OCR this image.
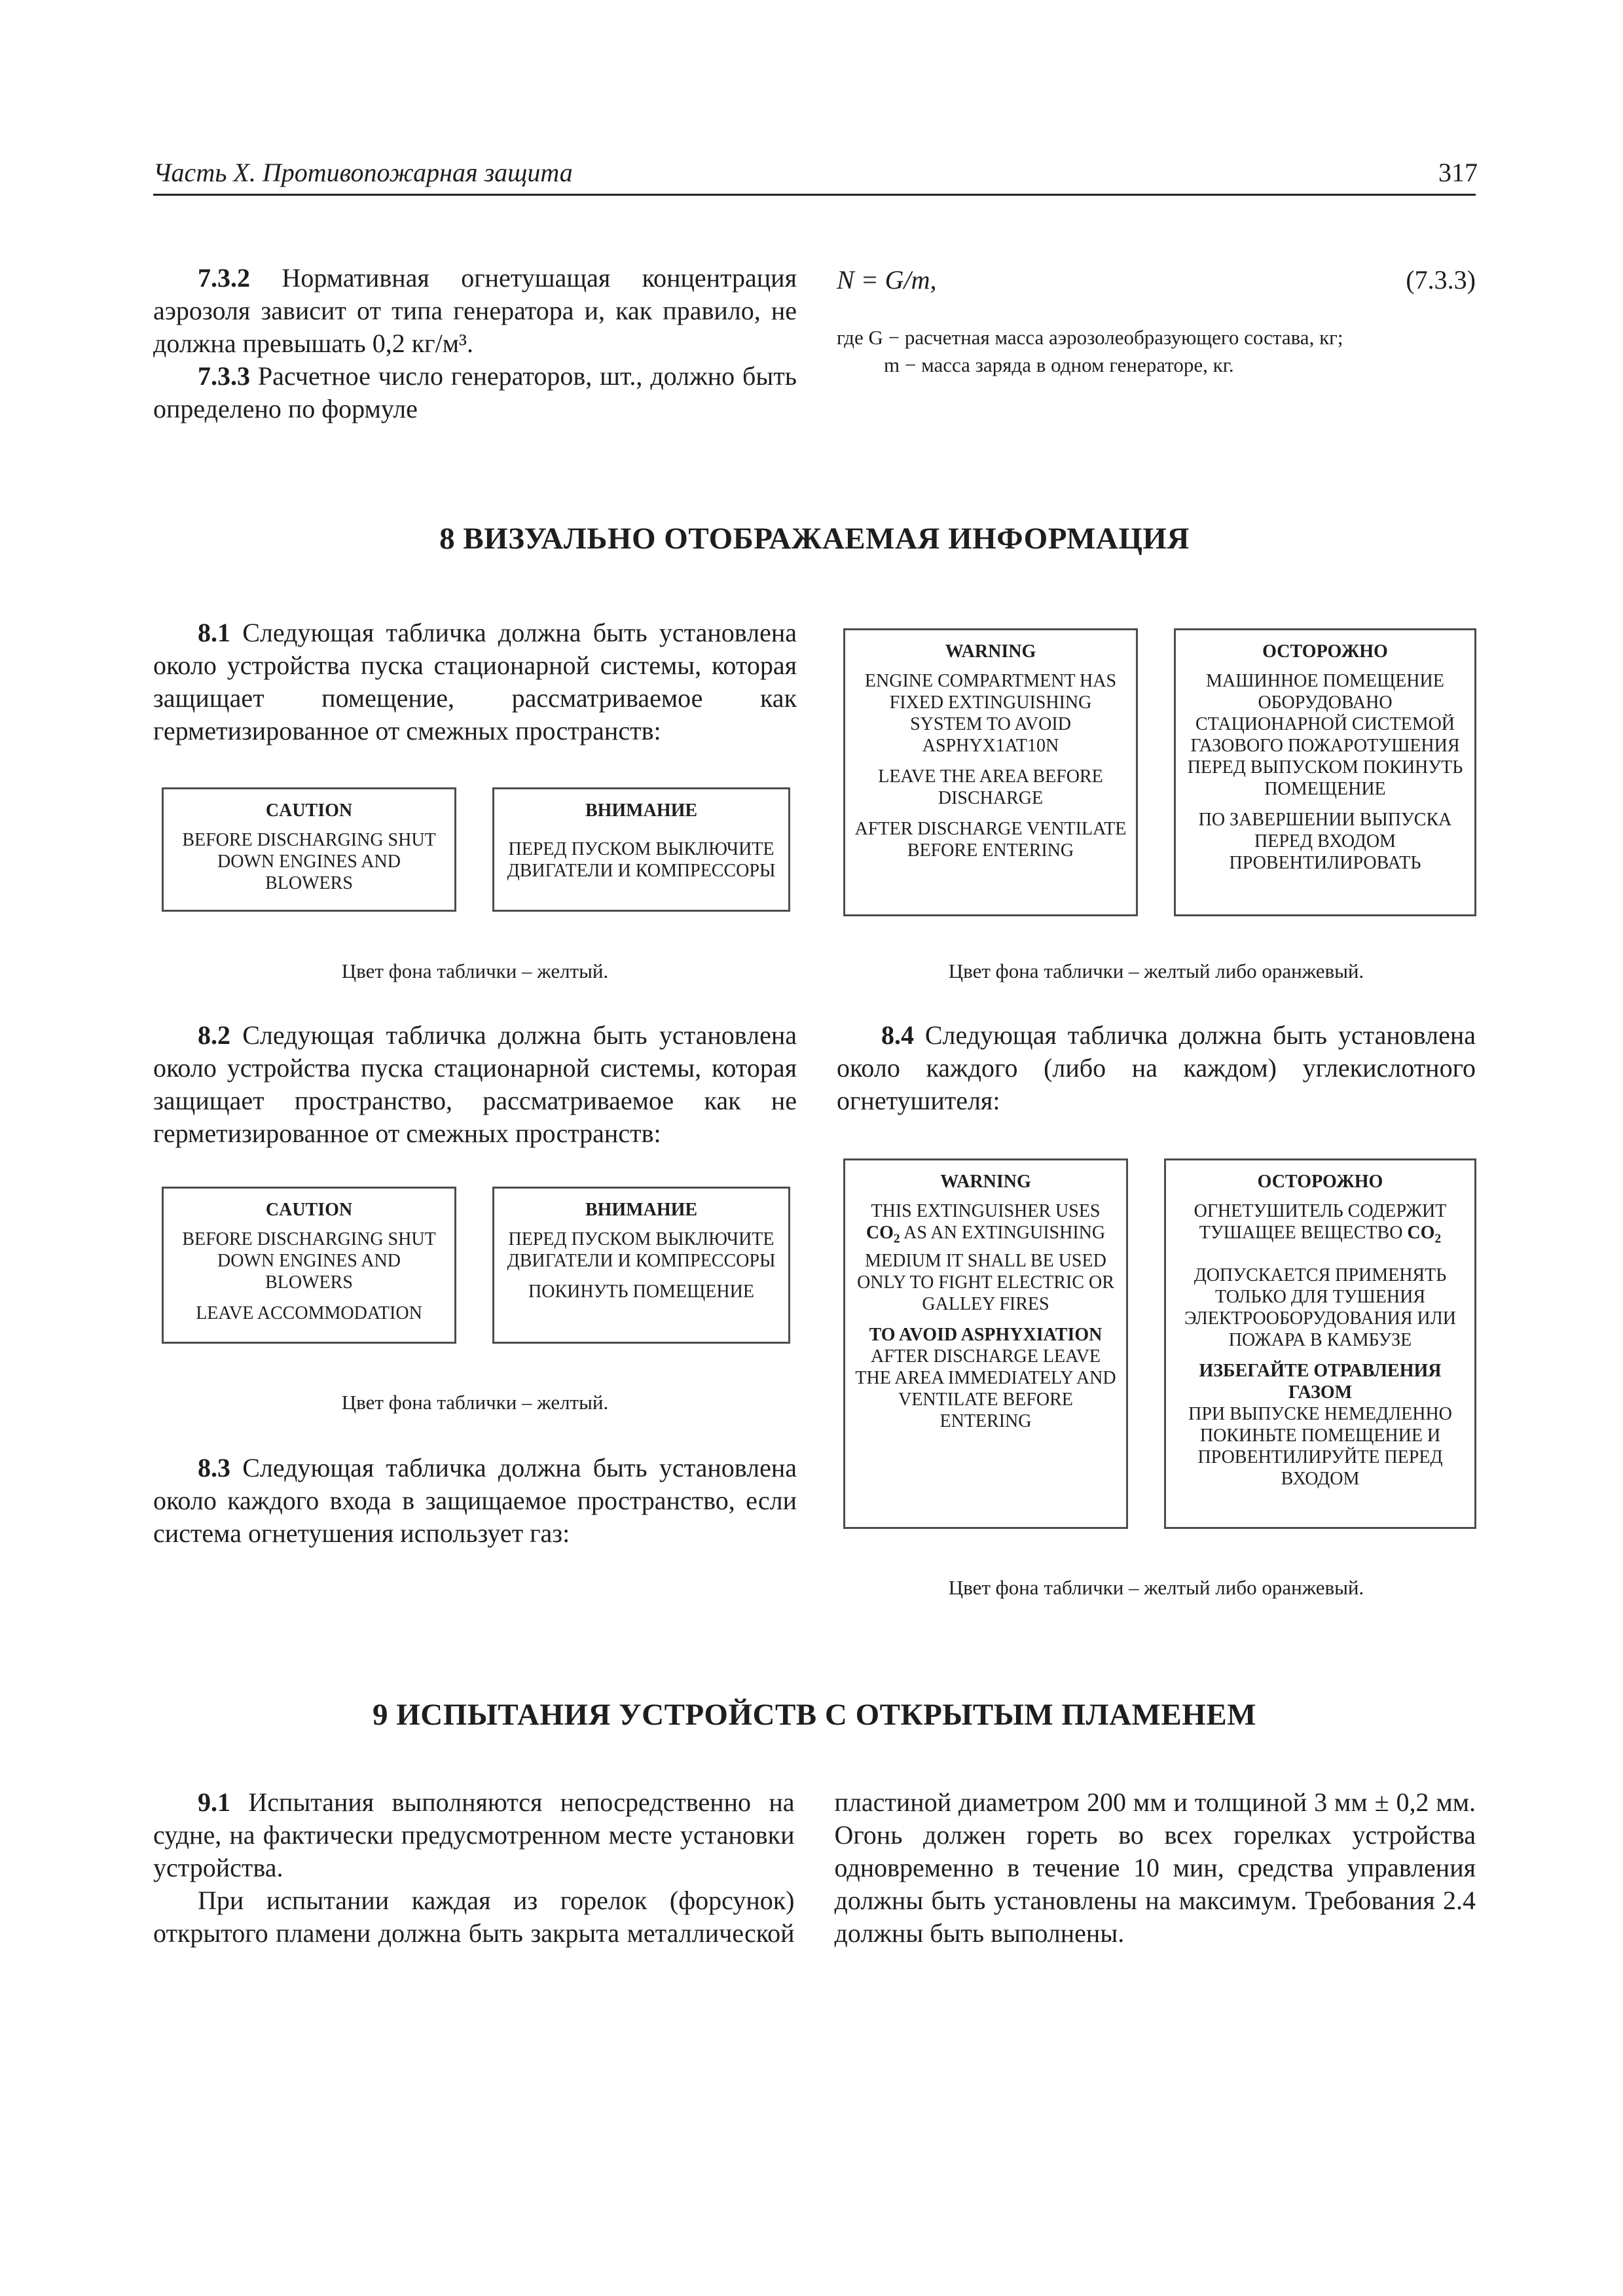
Часть X. Противопожарная защита	317

7.3.2 Нормативная огнетушащая концентрация аэрозоля зависит от типа генератора и, как правило, не должна превышать 0,2 кг/м³.

7.3.3 Расчетное число генераторов, шт., должно быть определено по формуле

N = G/m,	(7.3.3)
где G − расчетная масса аэрозолеобразующего состава, кг;
m − масса заряда в одном генераторе, кг.
8 ВИЗУАЛЬНО ОТОБРАЖАЕМАЯ ИНФОРМАЦИЯ

8.1 Следующая табличка должна быть установлена около устройства пуска стационарной системы, которая защищает помещение, рассматриваемое как герметизированное от смежных пространств:

CAUTION
BEFORE DISCHARGING SHUT DOWN ENGINES AND BLOWERS
ВНИМАНИЕ
ПЕРЕД ПУСКОМ ВЫКЛЮЧИТЕ ДВИГАТЕЛИ И КОМПРЕССОРЫ
Цвет фона таблички – желтый.
WARNING
ENGINE COMPARTMENT HAS FIXED EXTINGUISHING SYSTEM TO AVOID ASPHYX1AT10N
LEAVE THE AREA BEFORE DISCHARGE
AFTER DISCHARGE VENTILATE BEFORE ENTERING
ОСТОРОЖНО
МАШИННОЕ ПОМЕЩЕНИЕ ОБОРУДОВАНО СТАЦИОНАРНОЙ СИСТЕМОЙ ГАЗОВОГО ПОЖАРОТУШЕНИЯ ПЕРЕД ВЫПУСКОМ ПОКИНУТЬ ПОМЕЩЕНИЕ
ПО ЗАВЕРШЕНИИ ВЫПУСКА ПЕРЕД ВХОДОМ ПРОВЕНТИЛИРОВАТЬ
Цвет фона таблички – желтый либо оранжевый.

8.2 Следующая табличка должна быть установлена около устройства пуска стационарной системы, которая защищает пространство, рассматриваемое как не герметизированное от смежных пространств:

CAUTION
BEFORE DISCHARGING SHUT DOWN ENGINES AND BLOWERS
LEAVE ACCOMMODATION
ВНИМАНИЕ
ПЕРЕД ПУСКОМ ВЫКЛЮЧИТЕ ДВИГАТЕЛИ И КОМПРЕССОРЫ
ПОКИНУТЬ ПОМЕЩЕНИЕ
Цвет фона таблички – желтый.

8.3 Следующая табличка должна быть установлена около каждого входа в защищаемое пространство, если система огнетушения использует газ:

8.4 Следующая табличка должна быть установлена около каждого (либо на каждом) углекислотного огнетушителя:

WARNING
THIS EXTINGUISHER USES $CO_2$ AS AN EXTINGUISHING MEDIUM IT SHALL BE USED ONLY TO FIGHT ELECTRIC OR GALLEY FIRES
TO AVOID ASPHYXIATION
AFTER DISCHARGE LEAVE THE AREA IMMEDIATELY AND VENTILATE BEFORE ENTERING
ОСТОРОЖНО
ОГНЕТУШИТЕЛЬ СОДЕРЖИТ ТУШАЩЕЕ ВЕЩЕСТВО $CO_2$
ДОПУСКАЕТСЯ ПРИМЕНЯТЬ ТОЛЬКО ДЛЯ ТУШЕНИЯ ЭЛЕКТРООБОРУДОВАНИЯ ИЛИ ПОЖАРА В КАМБУЗЕ
ИЗБЕГАЙТЕ ОТРАВЛЕНИЯ ГАЗОМ
ПРИ ВЫПУСКЕ НЕМЕДЛЕННО ПОКИНЬТЕ ПОМЕЩЕНИЕ И ПРОВЕНТИЛИРУЙТЕ ПЕРЕД ВХОДОМ
Цвет фона таблички – желтый либо оранжевый.
9 ИСПЫТАНИЯ УСТРОЙСТВ С ОТКРЫТЫМ ПЛАМЕНЕМ

9.1 Испытания выполняются непосредственно на судне, на фактически предусмотренном месте установки устройства.

При испытании каждая из горелок (форсунок) открытого пламени должна быть закрыта металлической пластиной диаметром 200 мм и толщиной 3 мм ± 0,2 мм. Огонь должен гореть во всех горелках устройства одновременно в течение 10 мин, средства управления должны быть установлены на максимум. Требования 2.4 должны быть выполнены.
